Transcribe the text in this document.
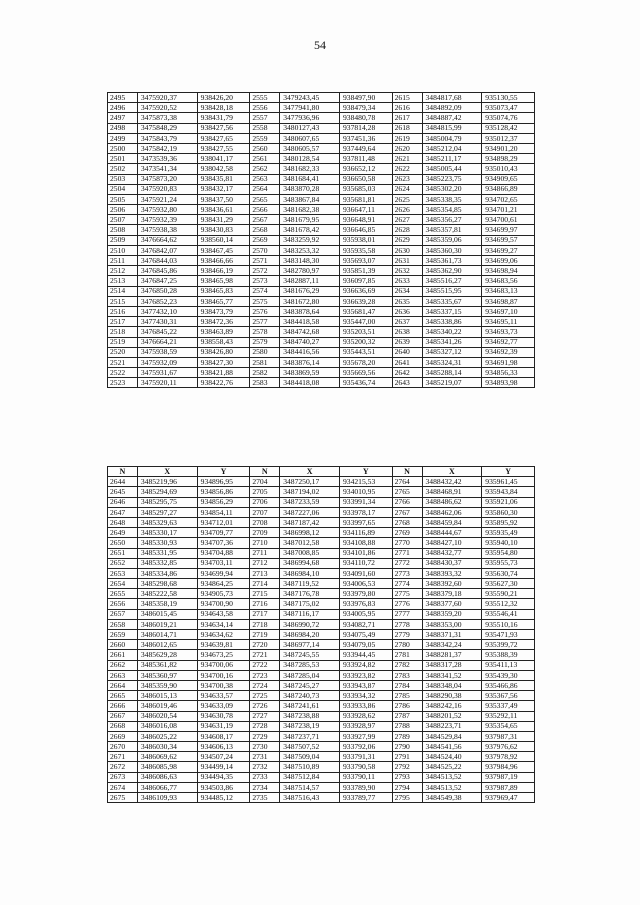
54
2495	3475920,37	938426,20	2555	3479243,45	938497,90	2615	3484817,68	935130,55
2496	3475920,52	938428,18	2556	3477941,80	938479,34	2616	3484892,09	935073,47
2497	3475873,38	938431,79	2557	3477936,96	938480,78	2617	3484887,42	935074,76
2498	3475848,29	938427,56	2558	3480127,43	937814,28	2618	3484815,99	935128,42
2499	3475843,79	938427,65	2559	3480607,65	937451,36	2619	3485004,79	935012,37
2500	3475842,19	938427,55	2560	3480605,57	937449,64	2620	3485212,04	934901,20
2501	3473539,36	938041,17	2561	3480128,54	937811,48	2621	3485211,17	934898,29
2502	3473541,34	938042,58	2562	3481682,33	936652,12	2622	3485005,44	935010,43
2503	3475873,20	938435,81	2563	3481684,41	936650,58	2623	3485223,75	934909,65
2504	3475920,83	938432,17	2564	3483870,28	935685,03	2624	3485302,20	934866,89
2505	3475921,24	938437,50	2565	3483867,84	935681,81	2625	3485338,35	934702,65
2506	3475932,80	938436,61	2566	3481682,38	936647,11	2626	3485354,85	934701,21
2507	3475932,39	938431,29	2567	3481679,95	936648,91	2627	3485356,27	934700,61
2508	3475938,38	938430,83	2568	3481678,42	936646,85	2628	3485357,81	934699,97
2509	3476664,62	938560,14	2569	3483259,92	935938,01	2629	3485359,06	934699,57
2510	3476842,07	938467,45	2570	3483253,32	935935,58	2630	3485360,30	934699,27
2511	3476844,03	938466,66	2571	3483148,30	935693,07	2631	3485361,73	934699,06
2512	3476845,86	938466,19	2572	3482780,97	935851,39	2632	3485362,90	934698,94
2513	3476847,25	938465,98	2573	3482887,11	936097,85	2633	3485516,27	934683,56
2514	3476850,28	938465,83	2574	3481676,29	936636,69	2634	3485515,95	934683,13
2515	3476852,23	938465,77	2575	3481672,80	936639,28	2635	3485335,67	934698,87
2516	3477432,10	938473,79	2576	3483878,64	935681,47	2636	3485337,15	934697,10
2517	3477430,31	938472,36	2577	3484418,58	935447,00	2637	3485338,86	934695,11
2518	3476845,22	938463,89	2578	3484742,68	935203,51	2638	3485340,22	934693,73
2519	3476664,21	938558,43	2579	3484740,27	935200,32	2639	3485341,26	934692,77
2520	3475938,59	938426,80	2580	3484416,56	935443,51	2640	3485327,12	934692,39
2521	3475932,09	938427,30	2581	3483876,14	935678,20	2641	3485324,31	934691,98
2522	3475931,67	938421,88	2582	3483869,59	935669,56	2642	3485288,14	934856,33
2523	3475920,11	938422,76	2583	3484418,08	935436,74	2643	3485219,07	934893,98
N	X	Y	N	X	Y	N	X	Y
2644	3485219,96	934896,95	2704	3487250,17	934215,53	2764	3488432,42	935961,45
2645	3485294,69	934856,86	2705	3487194,02	934010,95	2765	3488468,91	935943,84
2646	3485295,75	934856,29	2706	3487233,59	933991,34	2766	3488486,62	935921,06
2647	3485297,27	934854,11	2707	3487227,06	933978,17	2767	3488462,06	935860,30
2648	3485329,63	934712,01	2708	3487187,42	933997,65	2768	3488459,84	935895,92
2649	3485330,17	934709,77	2709	3486998,12	934116,89	2769	3488444,67	935935,49
2650	3485330,93	934707,36	2710	3487012,58	934108,88	2770	3488427,10	935940,10
2651	3485331,95	934704,88	2711	3487008,85	934101,86	2771	3488432,77	935954,80
2652	3485332,85	934703,11	2712	3486994,68	934110,72	2772	3488430,37	935955,73
2653	3485334,86	934699,94	2713	3486984,10	934091,60	2773	3488393,32	935630,74
2654	3485298,68	934864,25	2714	3487119,52	934006,53	2774	3488392,60	935627,30
2655	3485222,58	934905,73	2715	3487176,78	933979,80	2775	3488379,18	935590,21
2656	3485358,19	934700,90	2716	3487175,02	933976,83	2776	3488377,60	935512,32
2657	3486015,45	934643,58	2717	3487116,17	934005,95	2777	3488359,20	935546,41
2658	3486019,21	934634,14	2718	3486990,72	934082,71	2778	3488353,00	935510,16
2659	3486014,71	934634,62	2719	3486984,20	934075,49	2779	3488371,31	935471,93
2660	3486012,65	934639,81	2720	3486977,14	934079,05	2780	3488342,24	935399,72
2661	3485629,28	934673,25	2721	3487245,55	933944,45	2781	3488281,37	935388,39
2662	3485361,82	934700,06	2722	3487285,53	933924,82	2782	3488317,28	935411,13
2663	3485360,97	934700,16	2723	3487285,04	933923,82	2783	3488341,52	935439,30
2664	3485359,90	934700,38	2724	3487245,27	933943,87	2784	3488348,04	935466,86
2665	3486015,13	934633,57	2725	3487240,73	933934,32	2785	3488290,38	935367,56
2666	3486019,46	934633,09	2726	3487241,61	933933,86	2786	3488242,16	935337,49
2667	3486020,54	934630,78	2727	3487238,88	933928,62	2787	3488201,52	935292,11
2668	3486016,08	934631,19	2728	3487238,19	933928,97	2788	3488223,71	935354,65
2669	3486025,22	934608,17	2729	3487237,71	933927,99	2789	3484529,84	937987,31
2670	3486030,34	934606,13	2730	3487507,52	933792,06	2790	3484541,56	937976,62
2671	3486069,62	934507,24	2731	3487509,04	933791,31	2791	3484524,40	937978,92
2672	3486085,98	934499,14	2732	3487510,89	933790,58	2792	3484525,22	937984,96
2673	3486086,63	934494,35	2733	3487512,84	933790,11	2793	3484513,52	937987,19
2674	3486066,77	934503,86	2734	3487514,57	933789,90	2794	3484513,52	937987,89
2675	3486109,93	934485,12	2735	3487516,43	933789,77	2795	3484549,38	937969,47
